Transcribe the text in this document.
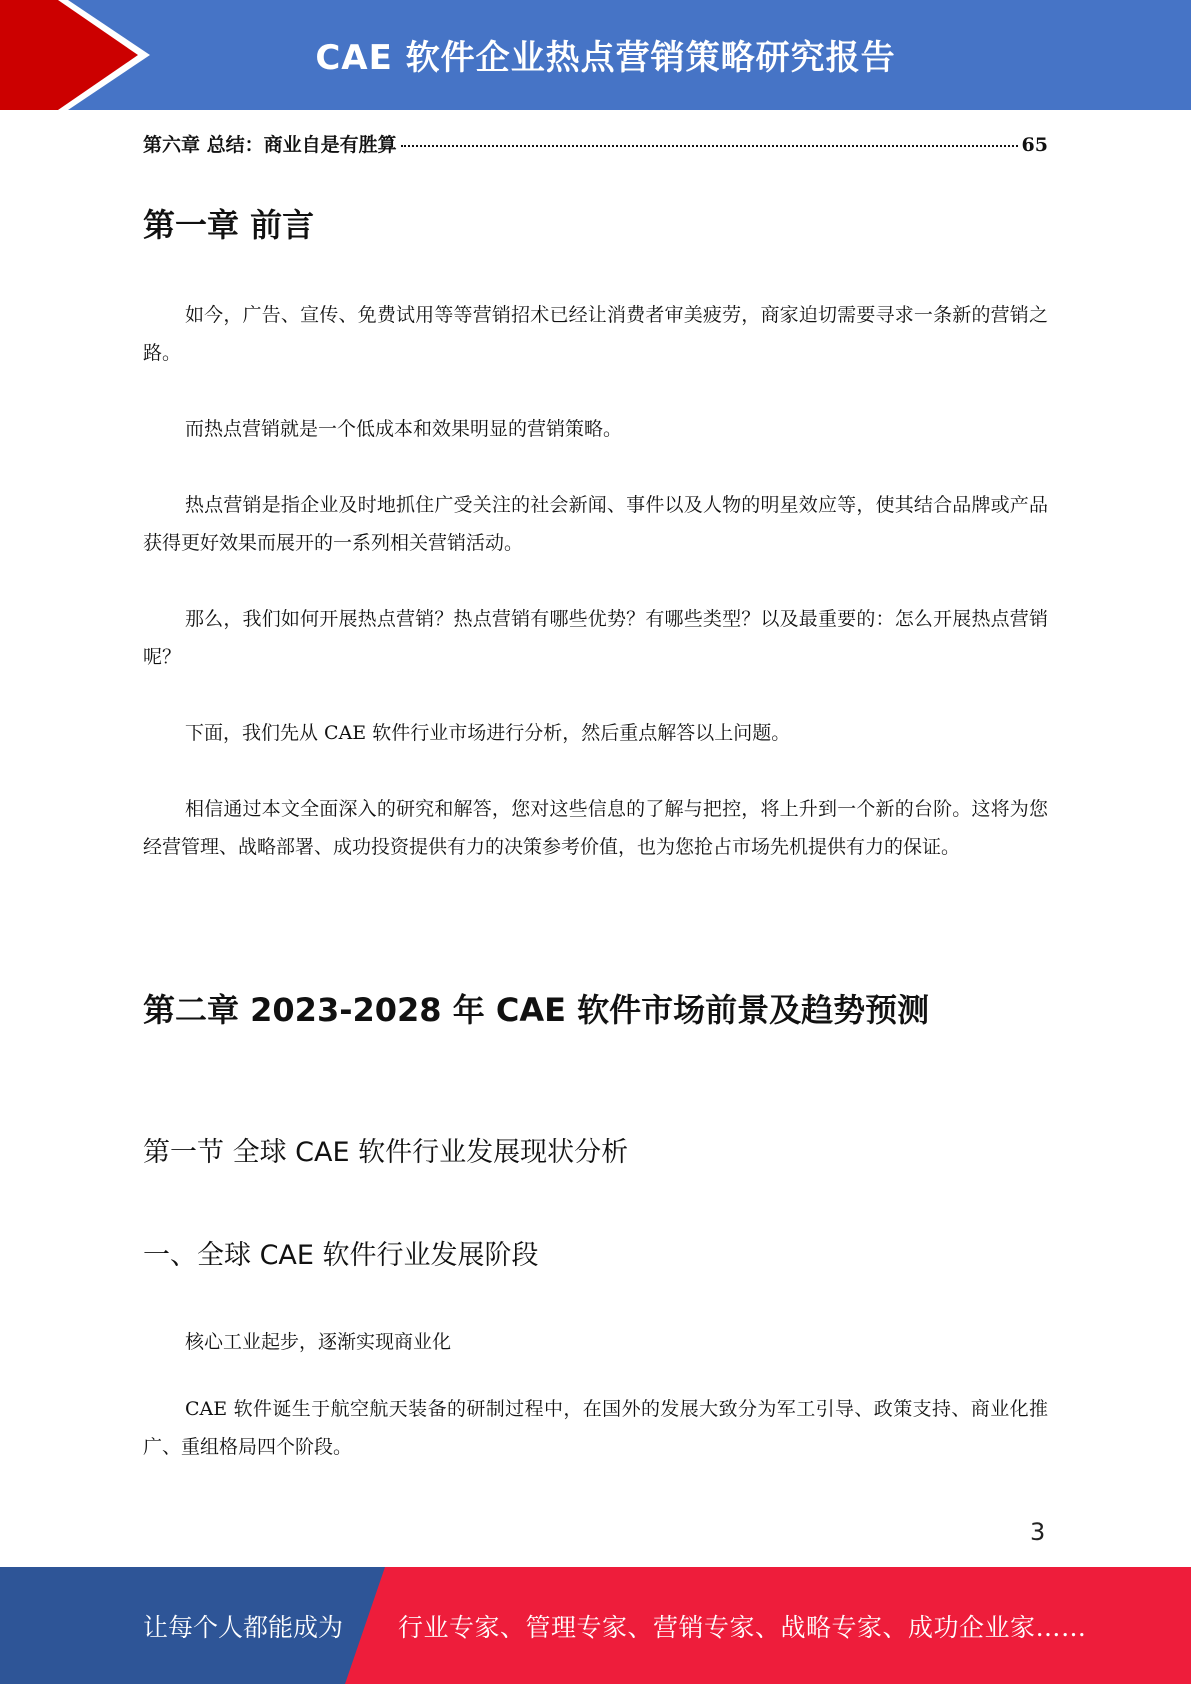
CAE 软件企业热点营销策略研究报告
第六章 总结：商业自是有胜算	65
第一章 前言
如今，广告、宣传、免费试用等等营销招术已经让消费者审美疲劳，商家迫切需要寻求一条新的营销之路。
而热点营销就是一个低成本和效果明显的营销策略。
热点营销是指企业及时地抓住广受关注的社会新闻、事件以及人物的明星效应等，使其结合品牌或产品获得更好效果而展开的一系列相关营销活动。
那么，我们如何开展热点营销？热点营销有哪些优势？有哪些类型？以及最重要的：怎么开展热点营销呢？
下面，我们先从 CAE 软件行业市场进行分析，然后重点解答以上问题。
相信通过本文全面深入的研究和解答，您对这些信息的了解与把控，将上升到一个新的台阶。这将为您经营管理、战略部署、成功投资提供有力的决策参考价值，也为您抢占市场先机提供有力的保证。
第二章 2023-2028 年 CAE 软件市场前景及趋势预测
第一节 全球 CAE 软件行业发展现状分析
一、全球 CAE 软件行业发展阶段
核心工业起步，逐渐实现商业化
CAE 软件诞生于航空航天装备的研制过程中，在国外的发展大致分为军工引导、政策支持、商业化推广、重组格局四个阶段。
3
让每个人都能成为 行业专家、管理专家、营销专家、战略专家、成功企业家……
